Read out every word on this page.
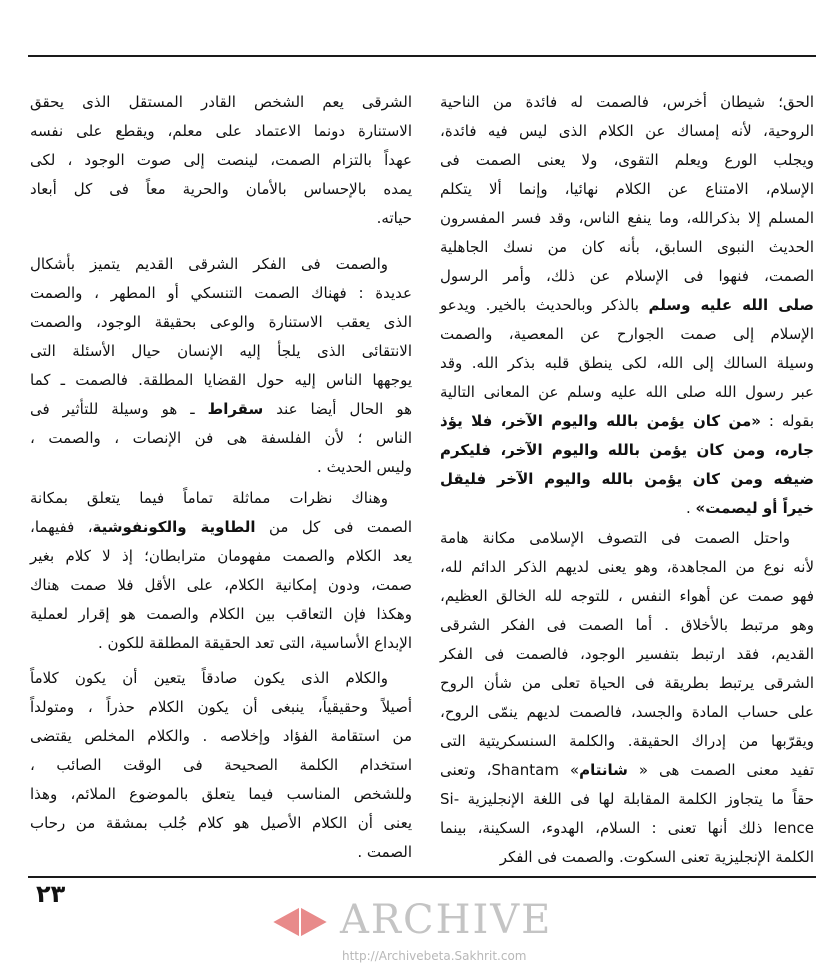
الحق؛ شيطان أخرس، فالصمت له فائدة من الناحية
الروحية، لأنه إمساك عن الكلام الذى ليس فيه فائدة،
ويجلب الورع ويعلم التقوى، ولا يعنى الصمت فى
الإسلام، الامتناع عن الكلام نهائيا، وإنما ألا يتكلم
المسلم إلا بذكرالله، وما ينفع الناس، وقد فسر المفسرون
الحديث النبوى السابق، بأنه كان من نسك الجاهلية
الصمت، فنهوا فى الإسلام عن ذلك، وأمر الرسول
صلى الله عليه وسلم بالذكر وبالحديث بالخير. ويدعو
الإسلام إلى صمت الجوارح عن المعصية، والصمت
وسيلة السالك إلى الله، لكى ينطق قلبه بذكر الله. وقد
عبر رسول الله صلى الله عليه وسلم عن المعانى التالية
بقوله : «من كان يؤمن بالله واليوم الآخر، فلا يؤذ
جاره، ومن كان يؤمن بالله واليوم الآخر، فليكرم
ضيفه ومن كان يؤمن بالله واليوم الآخر فليقل
خيراً أو ليصمت» .
واحتل الصمت فى التصوف الإسلامى مكانة هامة
لأنه نوع من المجاهدة، وهو يعنى لديهم الذكر الدائم لله،
فهو صمت عن أهواء النفس ، للتوجه لله الخالق العظيم،
وهو مرتبط بالأخلاق . أما الصمت فى الفكر الشرقى
القديم، فقد ارتبط بتفسير الوجود، فالصمت فى الفكر
الشرقى يرتبط بطريقة فى الحياة تعلى من شأن الروح
على حساب المادة والجسد، فالصمت لديهم ينمّى الروح،
ويقرّبها من إدراك الحقيقة. والكلمة السنسكريتية التى
تفيد معنى الصمت هى « شانتام» Shantam، وتعنى
حقاً ما يتجاوز الكلمة المقابلة لها فى اللغة الإنجليزية -Si
lence ذلك أنها تعنى : السلام، الهدوء، السكينة، بينما
الكلمة الإنجليزية تعنى السكوت. والصمت فى الفكر
الشرقى يعم الشخص القادر المستقل الذى يحقق
الاستنارة دونما الاعتماد على معلم، ويقطع على نفسه
عهداً بالتزام الصمت، لينصت إلى صوت الوجود ، لكى
يمده بالإحساس بالأمان والحرية معاً فى كل أبعاد
حياته.
والصمت فى الفكر الشرقى القديم يتميز بأشكال
عديدة : فهناك الصمت التنسكي أو المطهر ، والصمت
الذى يعقب الاستنارة والوعى بحقيقة الوجود، والصمت
الانتقائى الذى يلجأ إليه الإنسان حيال الأسئلة التى
يوجهها الناس إليه حول القضايا المطلقة. فالصمت ـ كما
هو الحال أيضا عند سقراط ـ هو وسيلة للتأثير فى
الناس ؛ لأن الفلسفة هى فن الإنصات ، والصمت ،
وليس الحديث .
وهناك نظرات مماثلة تماماً فيما يتعلق بمكانة
الصمت فى كل من الطاوية والكونفوشية، ففيهما،
يعد الكلام والصمت مفهومان مترابطان؛ إذ لا كلام بغير
صمت، ودون إمكانية الكلام، على الأقل فلا صمت هناك
وهكذا فإن التعاقب بين الكلام والصمت هو إقرار لعملية
الإبداع الأساسية، التى تعد الحقيقة المطلقة للكون .
والكلام الذى يكون صادقاً يتعين أن يكون كلاماً
أصيلاً وحقيقياً، ينبغى أن يكون الكلام حذراً ، ومتولداً
من استقامة الفؤاد وإخلاصه . والكلام المخلص يقتضى
استخدام الكلمة الصحيحة فى الوقت الصائب ،
وللشخص المناسب فيما يتعلق بالموضوع الملائم، وهذا
يعنى أن الكلام الأصيل هو كلام جُلب بمشقة من رحاب
الصمت .
٢٣
ARCHIVE
http://Archivebeta.Sakhrit.com
